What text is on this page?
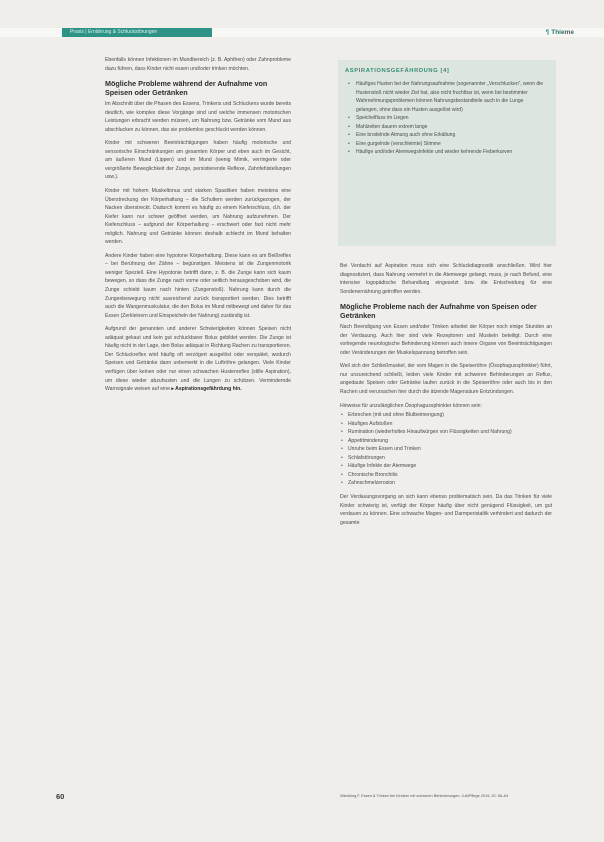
Praxis | Ernährung & Schluckstörungen	¶ Thieme

Ebenfalls können Infektionen im Mundbereich (z. B. Aphthen) oder Zahnprobleme dazu führen, dass Kinder nicht essen und/oder trinken möchten.

Mögliche Probleme während der Aufnahme von Speisen oder Getränken

Im Abschnitt über die Phasen des Essens, Trinkens und Schluckens wurde bereits deutlich, wie komplex diese Vorgänge sind und welche immensen motorischen Leistungen erbracht werden müssen, um Nahrung bzw. Getränke vom Mund aus abschlucken zu können, das sie problemlos geschluckt werden können.

Kinder mit schweren Beeinträchtigungen haben häufig motorische und sensorische Einschränkungen am gesamten Körper und eben auch im Gesicht, am äußeren Mund (Lippen) und im Mund (wenig Mimik, verringerte oder vergrößerte Beweglichkeit der Zunge, persistierende Reflexe, Zahnfehlstellungen usw.).

Kinder mit hohem Muskeltonus und starken Spastiken haben meistens eine Überstreckung der Körperhaltung – die Schultern werden zurückgezogen, der Nacken überstreckt. Dadurch kommt es häufig zu einem Kieferschluss, d.h. der Kiefer kann nur schwer geöffnet werden, um Nahrung aufzunehmen. Der Kieferschluss – aufgrund der Körperhaltung – erschwert oder fast nicht mehr möglich. Nahrung und Getränke können deshalb schlecht im Mund behalten werden.

Andere Kinder haben eine hypotone Körperhaltung. Diese kann es am Beißreflex – bei Berührung der Zähne – begünstigen. Meistens ist die Zungenmotorik weniger Speziell. Eine Hypotonie betrifft dann, z. B. die Zunge kann sich kaum bewegen, so dass die Zunge nach vorne oder seitlich herausgeschoben wird, die Zunge schiebt kaum nach hinten (Zungenstoß). Nahrung kann durch die Zungenbewegung nicht ausreichend zurück transportiert werden. Dies betrifft auch die Wangenmuskulatur, die den Bolus im Mund mitbewegt und daher für das Essen (Zerkleinern und Einspeicheln der Nahrung) zuständig ist.

Aufgrund der genannten und anderer Schwierigkeiten können Speisen nicht adäquat gekaut und kein gut schluckbarer Bolus gebildet werden. Die Zunge ist häufig nicht in der Lage, den Bolus adäquat in Richtung Rachen zu transportieren. Der Schluckreflex wird häufig oft verzögert ausgelöst oder verspätet, wodurch Speisen und Getränke dann unbemerkt in die Luftröhre gelangen. Viele Kinder verfügen über keinen oder nur einen schwachen Hustenreflex (stille Aspiration), um diese wieder abzuhusten und die Lungen zu schützen. Vermindernde Warnsignale weisen auf eine ▸ Aspirationsgefährdung hin.

ASPIRATIONSGEFÄHRDUNG [4]
• Häufiges Husten bei der Nahrungsaufnahme (sogenannter „Verschlucken“, wenn die Hustenstoß nicht wieder Ziel hat, also nicht fruchtbar ist, wenn bei bestimmter Wahrnehmungsproblemen können Nahrungsbestandteile auch in die Lunge gelangen, ohne dass ein Husten ausgelöst wird)
• Speichelfluss im Liegen
• Mahlzeiten dauern extrem lange
• Eine brodelnde Atmung auch ohne Erkältung
• Eine gurgelnde (verschleimte) Stimme
• Häufige und/oder Atemwegsinfekte und wieder kehrende Fieberkurven

Bei Verdacht auf Aspiration muss sich eine Schluckdiagnostik anschließen. Wird hier diagnostiziert, dass Nahrung vermehrt in die Atemwege gelangt, muss, je nach Befund, eine intensive logopädische Behandlung eingesetzt bzw. die Entscheidung für eine Sondenernährung getroffen werden.

Mögliche Probleme nach der Aufnahme von Speisen oder Getränken

Nach Beendigung von Essen und/oder Trinken arbeitet der Körper noch einige Stunden an der Verdauung. Auch hier sind viele Rezeptoren und Muskeln beteiligt. Durch eine vorliegende neurologische Behinderung können auch innere Organe von Beeinträchtigungen oder Veränderungen der Muskelspannung betroffen sein.

Weil sich der Schließmuskel, der vom Magen in die Speiseröhre (Ösophagussphinkter) führt, nur unzureichend schließt, leiden viele Kinder mit schweren Behinderungen an Reflux, angedaute Speisen oder Getränke laufen zurück in die Speiseröhre oder auch bis in den Rachen und verursachen hier durch die ätzende Magensäure Entzündungen.

Hinweise für unzulänglichen Ösophagussphinkter können sein:

• Erbrechen (mit und ohne Blutbeimengung)
• Häufiges Aufstoßen
• Rumination (wiederholtes Hinaufwürgen von Flüssigkeiten und Nahrung)
• Appetitminderung
• Unruhe beim Essen und Trinken
• Schlafstörungen
• Häufige Infekte der Atemwege
• Chronische Bronchitis
• Zahnschmelzerosion

Der Verdauungsvorgang an sich kann ebenso problematisch sein. Da das Trinken für viele Kinder schwierig ist, verfügt der Körper häufig über nicht genügend Flüssigkeit, um gut verdauen zu können. Eine schwache Magen- und Darmperistaltik verhindert und dadurch der gesamte

60	Wieckling F. Essen & Trinken bei Kindern mit schweren Behinderungen. JuKiPflege 2019; 22: 58–64
